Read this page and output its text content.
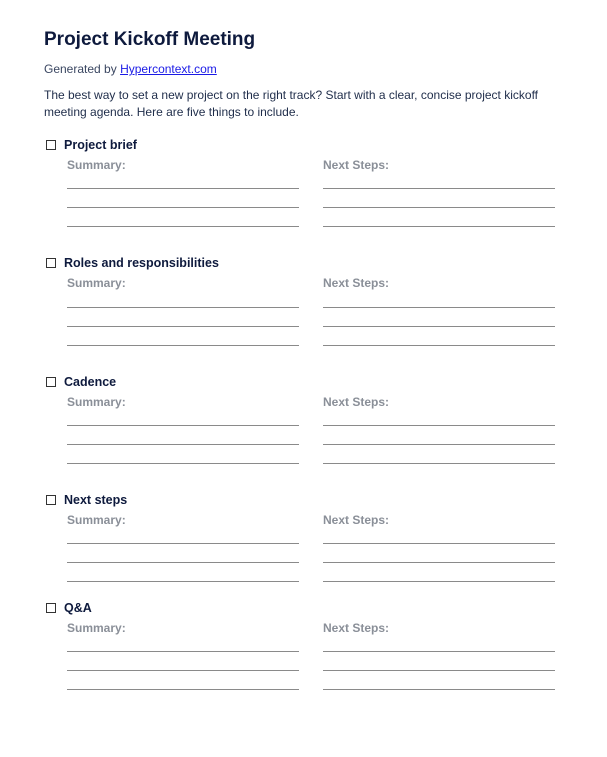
Project Kickoff Meeting
Generated by Hypercontext.com
The best way to set a new project on the right track? Start with a clear, concise project kickoff meeting agenda. Here are five things to include.
Project brief
Summary:	Next Steps:
Roles and responsibilities
Summary:	Next Steps:
Cadence
Summary:	Next Steps:
Next steps
Summary:	Next Steps:
Q&A
Summary:	Next Steps:
